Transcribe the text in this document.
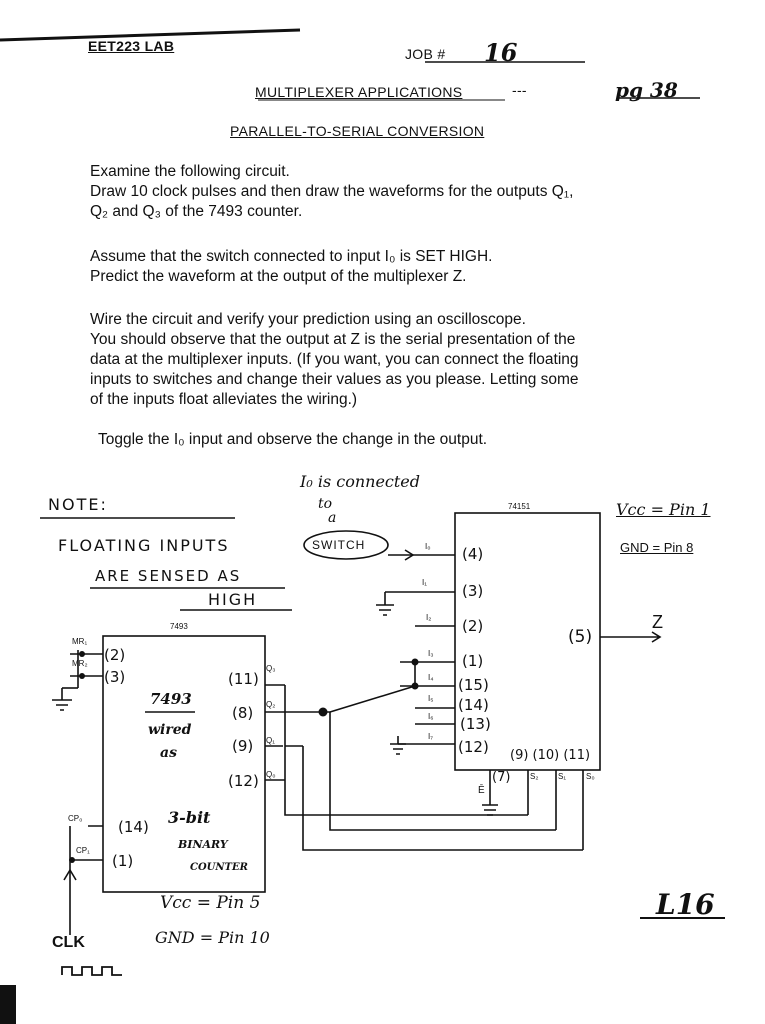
EET223 LAB	JOB # 16
MULTIPLEXER APPLICATIONS	---	pg 38
PARALLEL-TO-SERIAL CONVERSION
Examine the following circuit.
Draw 10 clock pulses and then draw the waveforms for the outputs Q₁,
Q₂ and Q₃ of the 7493 counter.
Assume that the switch connected to input I₀ is SET HIGH.
Predict the waveform at the output of the multiplexer Z.
Wire the circuit and verify your prediction using an oscilloscope.
You should observe that the output at Z is the serial presentation of the
data at the multiplexer inputs. (If you want, you can connect the floating
inputs to switches and change their values as you please. Letting some
of the inputs float alleviates the wiring.)
Toggle the I₀ input and observe the change in the output.
NOTE:
FLOATING INPUTS
ARE SENSED AS
HIGH
I₀ is connected
to
a
SWITCH
Vcc = Pin 1
GND = Pin 8
Vcc = Pin 5
GND = Pin 10
7493
wired
as
3-bit
BINARY
COUNTER
CLK
L16
7493
MR₁
MR₂ (2)
(3)
CP₀
CP₁
(14)
(1)
(11)
Q₃
(8) Q₂
(9) Q₁
(12) Q₀
74151
I₀ (4)
I₁ (3)
I₂ (2)
I₃ (1)
I₄ (15)
I₅ (14)
I₆ (13)
I₇
(12)
(5)
Z
Ē
(7)
(9) (10) (11)
S₂ S₁ S₀
